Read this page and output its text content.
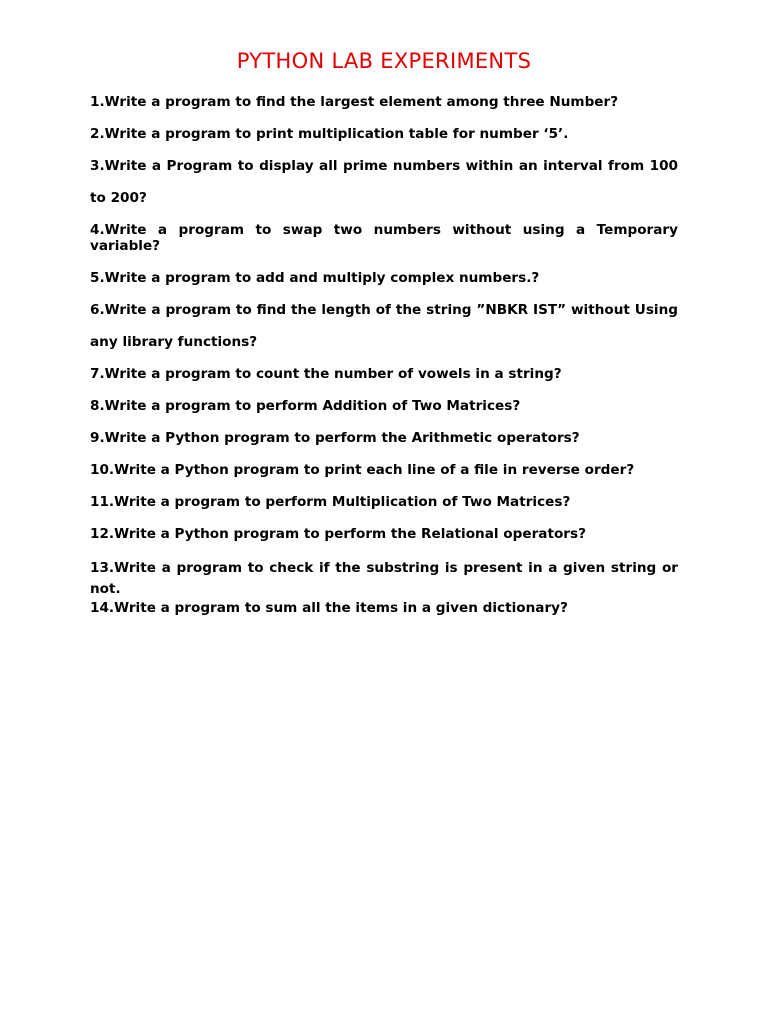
PYTHON LAB EXPERIMENTS
1.Write a program to find the largest element among three Number?
2.Write a program to print multiplication table for number ‘5’.
3.Write a Program to display all prime numbers within an interval from 100 to 200?
4.Write a program to swap two numbers without using a Temporary variable?
5.Write a program to add and multiply complex numbers.?
6.Write a program to find the length of the string ”NBKR IST” without Using any library functions?
7.Write a program to count the number of vowels in a string?
8.Write a program to perform Addition of Two Matrices?
9.Write a Python program to perform the Arithmetic operators?
10.Write a Python program to print each line of a file in reverse order?
11.Write a program to perform Multiplication of Two Matrices?
12.Write a Python program to perform the Relational operators?
13.Write a program to check if the substring is present in a given string or not.
14.Write a program to sum all the items in a given dictionary?
